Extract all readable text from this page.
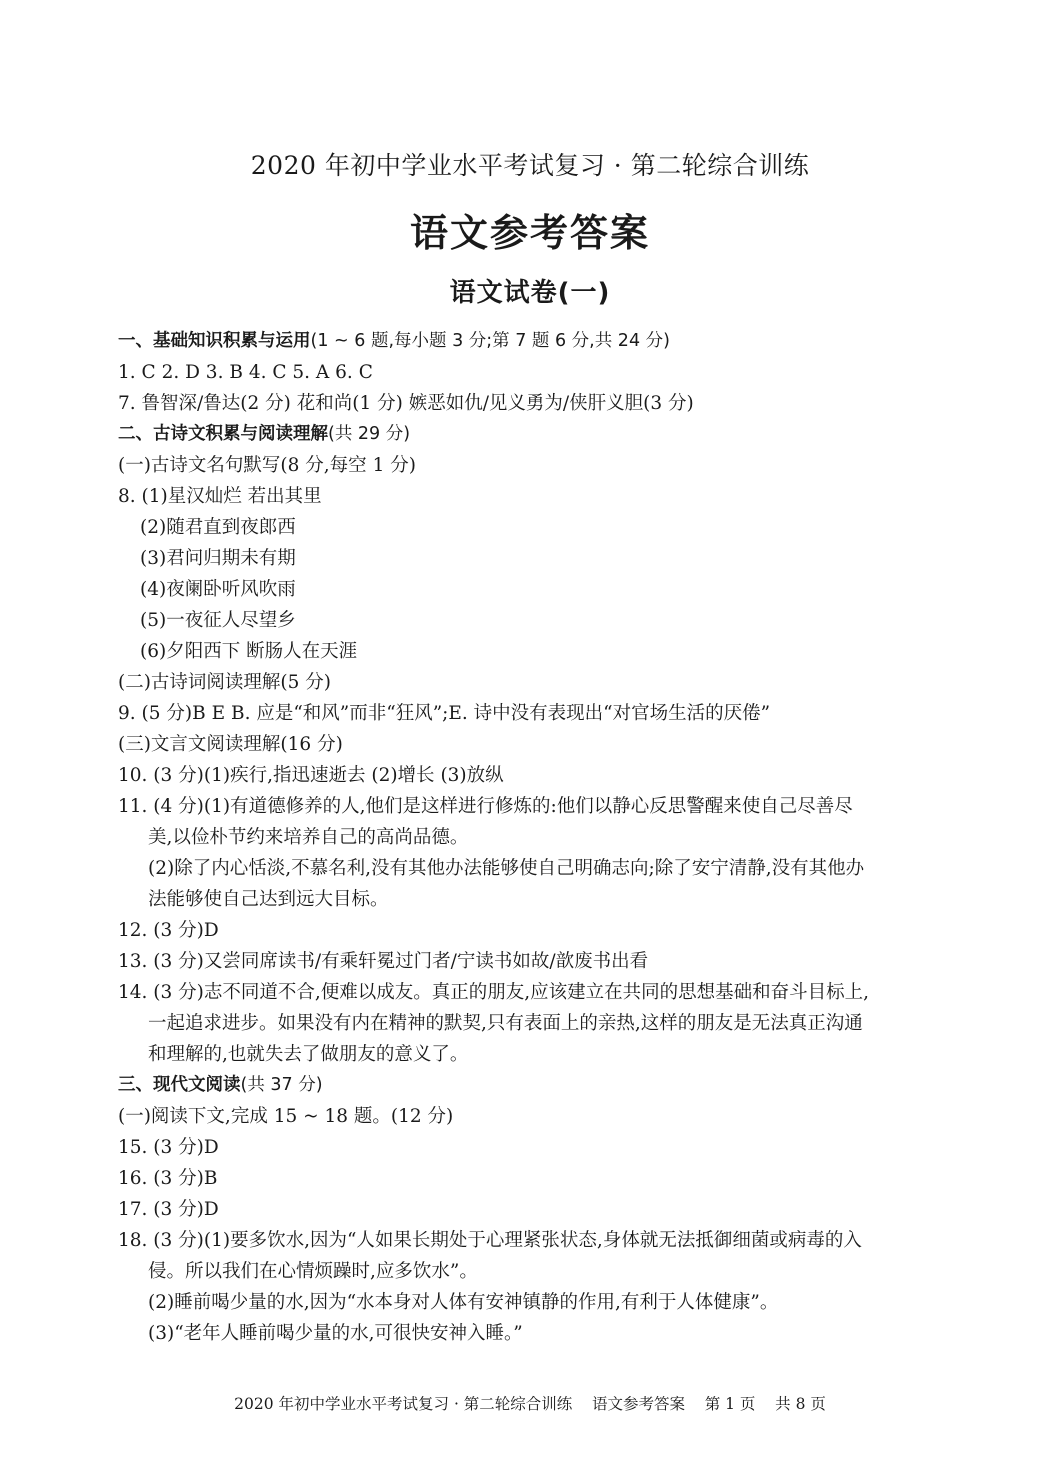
2020 年初中学业水平考试复习 · 第二轮综合训练
语文参考答案
语文试卷(一)
一、基础知识积累与运用(1 ~ 6 题,每小题 3 分;第 7 题 6 分,共 24 分)
1. C 2. D 3. B 4. C 5. A 6. C
7. 鲁智深/鲁达(2 分) 花和尚(1 分) 嫉恶如仇/见义勇为/侠肝义胆(3 分)
二、古诗文积累与阅读理解(共 29 分)
(一)古诗文名句默写(8 分,每空 1 分)
8. (1)星汉灿烂 若出其里
(2)随君直到夜郎西
(3)君问归期未有期
(4)夜阑卧听风吹雨
(5)一夜征人尽望乡
(6)夕阳西下 断肠人在天涯
(二)古诗词阅读理解(5 分)
9. (5 分)B E B. 应是“和风”而非“狂风”;E. 诗中没有表现出“对官场生活的厌倦”
(三)文言文阅读理解(16 分)
10. (3 分)(1)疾行,指迅速逝去 (2)增长 (3)放纵
11. (4 分)(1)有道德修养的人,他们是这样进行修炼的:他们以静心反思警醒来使自己尽善尽
美,以俭朴节约来培养自己的高尚品德。
(2)除了内心恬淡,不慕名利,没有其他办法能够使自己明确志向;除了安宁清静,没有其他办
法能够使自己达到远大目标。
12. (3 分)D
13. (3 分)又尝同席读书/有乘轩冕过门者/宁读书如故/歆废书出看
14. (3 分)志不同道不合,便难以成友。真正的朋友,应该建立在共同的思想基础和奋斗目标上,
一起追求进步。如果没有内在精神的默契,只有表面上的亲热,这样的朋友是无法真正沟通
和理解的,也就失去了做朋友的意义了。
三、现代文阅读(共 37 分)
(一)阅读下文,完成 15 ~ 18 题。(12 分)
15. (3 分)D
16. (3 分)B
17. (3 分)D
18. (3 分)(1)要多饮水,因为“人如果长期处于心理紧张状态,身体就无法抵御细菌或病毒的入
侵。所以我们在心情烦躁时,应多饮水”。
(2)睡前喝少量的水,因为“水本身对人体有安神镇静的作用,有利于人体健康”。
(3)“老年人睡前喝少量的水,可很快安神入睡。”
2020 年初中学业水平考试复习 · 第二轮综合训练    语文参考答案    第 1 页    共 8 页
